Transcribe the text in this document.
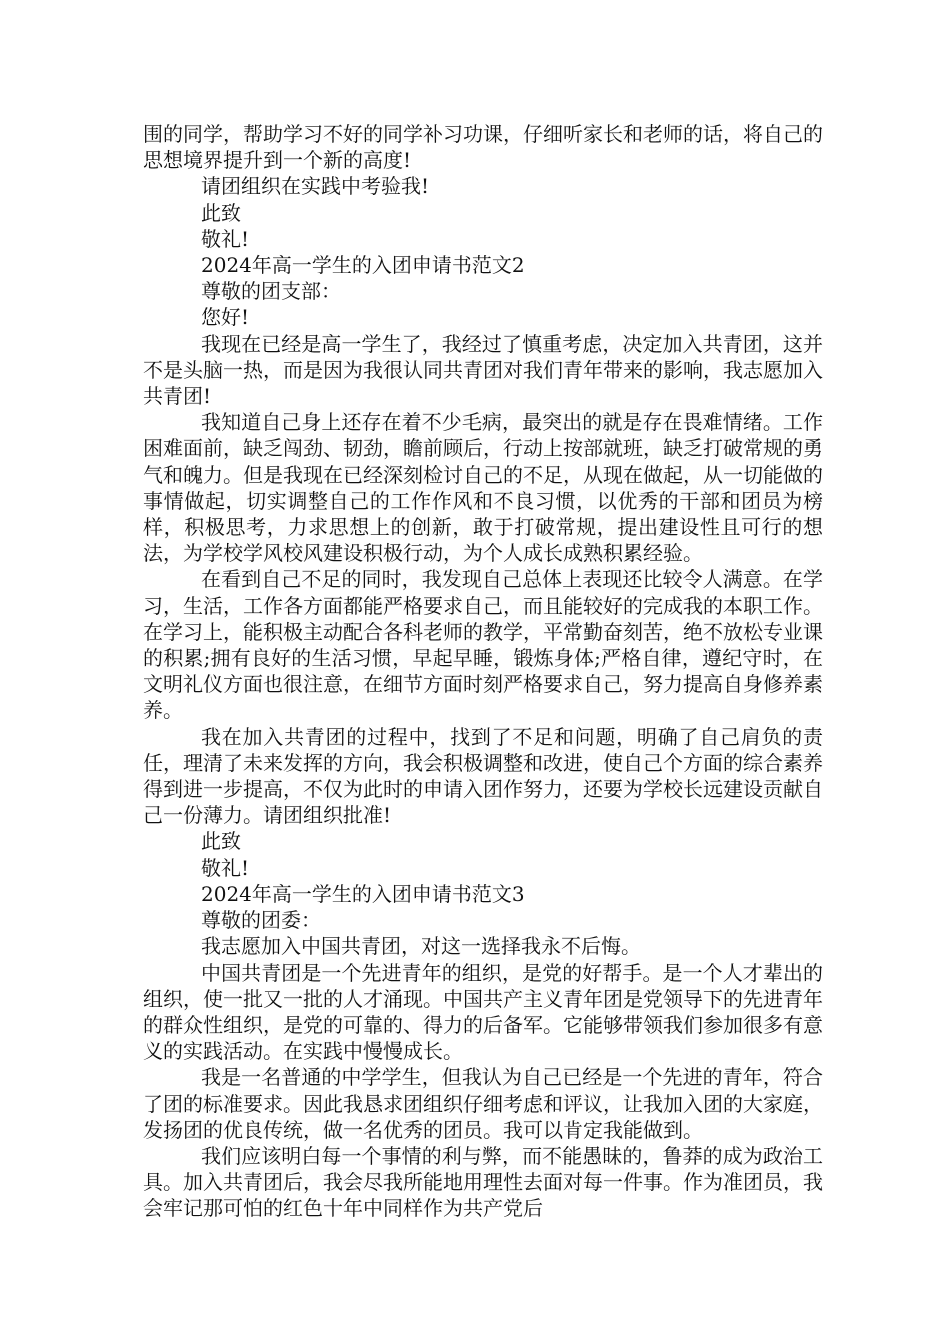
围的同学，帮助学习不好的同学补习功课，仔细听家长和老师的话，将自己的思想境界提升到一个新的高度!

请团组织在实践中考验我!

此致

敬礼!

2024年高一学生的入团申请书范文2

尊敬的团支部：

您好!

我现在已经是高一学生了，我经过了慎重考虑，决定加入共青团，这并不是头脑一热，而是因为我很认同共青团对我们青年带来的影响，我志愿加入共青团!

我知道自己身上还存在着不少毛病，最突出的就是存在畏难情绪。工作困难面前，缺乏闯劲、韧劲，瞻前顾后，行动上按部就班，缺乏打破常规的勇气和魄力。但是我现在已经深刻检讨自己的不足，从现在做起，从一切能做的事情做起，切实调整自己的工作作风和不良习惯，以优秀的干部和团员为榜样，积极思考，力求思想上的创新，敢于打破常规，提出建设性且可行的想法，为学校学风校风建设积极行动，为个人成长成熟积累经验。

在看到自己不足的同时，我发现自己总体上表现还比较令人满意。在学习，生活，工作各方面都能严格要求自己，而且能较好的完成我的本职工作。在学习上，能积极主动配合各科老师的教学，平常勤奋刻苦，绝不放松专业课的积累;拥有良好的生活习惯，早起早睡，锻炼身体;严格自律，遵纪守时，在文明礼仪方面也很注意，在细节方面时刻严格要求自己，努力提高自身修养素养。

我在加入共青团的过程中，找到了不足和问题，明确了自己肩负的责任，理清了未来发挥的方向，我会积极调整和改进，使自己个方面的综合素养得到进一步提高，不仅为此时的申请入团作努力，还要为学校长远建设贡献自己一份薄力。请团组织批准!

此致

敬礼!

2024年高一学生的入团申请书范文3

尊敬的团委：

我志愿加入中国共青团，对这一选择我永不后悔。

中国共青团是一个先进青年的组织，是党的好帮手。是一个人才辈出的组织，使一批又一批的人才涌现。中国共产主义青年团是党领导下的先进青年的群众性组织，是党的可靠的、得力的后备军。它能够带领我们参加很多有意义的实践活动。在实践中慢慢成长。

我是一名普通的中学学生，但我认为自己已经是一个先进的青年，符合了团的标准要求。因此我恳求团组织仔细考虑和评议，让我加入团的大家庭，发扬团的优良传统，做一名优秀的团员。我可以肯定我能做到。

我们应该明白每一个事情的利与弊，而不能愚昧的，鲁莽的成为政治工具。加入共青团后，我会尽我所能地用理性去面对每一件事。作为准团员，我会牢记那可怕的红色十年中同样作为共产党后
